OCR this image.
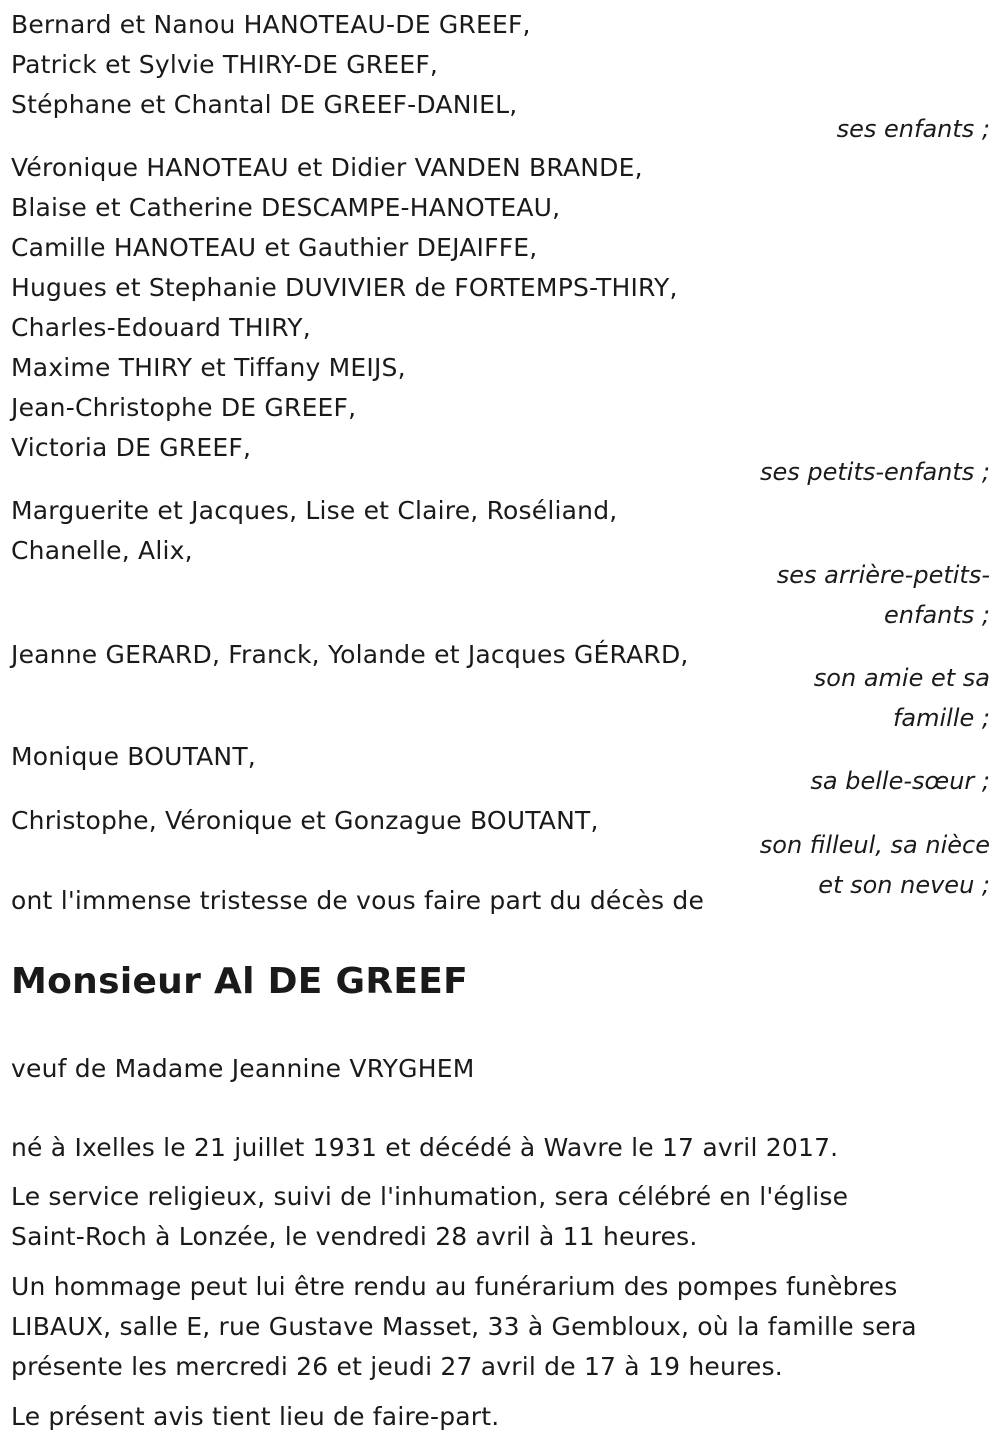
Bernard et Nanou HANOTEAU-DE GREEF,
Patrick et Sylvie THIRY-DE GREEF,
Stéphane et Chantal DE GREEF-DANIEL,
ses enfants ;
Véronique HANOTEAU et Didier VANDEN BRANDE,
Blaise et Catherine DESCAMPE-HANOTEAU,
Camille HANOTEAU et Gauthier DEJAIFFE,
Hugues et Stephanie DUVIVIER de FORTEMPS-THIRY,
Charles-Edouard THIRY,
Maxime THIRY et Tiffany MEIJS,
Jean-Christophe DE GREEF,
Victoria DE GREEF,
ses petits-enfants ;
Marguerite et Jacques, Lise et Claire, Roséliand,
Chanelle, Alix,
ses arrière-petits-
enfants ;
Jeanne GERARD, Franck, Yolande et Jacques GÉRARD,
son amie et sa
famille ;
Monique BOUTANT,
sa belle-sœur ;
Christophe, Véronique et Gonzague BOUTANT,
son filleul, sa nièce
et son neveu ;
ont l'immense tristesse de vous faire part du décès de
Monsieur Al DE GREEF
veuf de Madame Jeannine VRYGHEM
né à Ixelles le 21 juillet 1931 et décédé à Wavre le 17 avril 2017.
Le service religieux, suivi de l'inhumation, sera célébré en l'église
Saint-Roch à Lonzée, le vendredi 28 avril à 11 heures.
Un hommage peut lui être rendu au funérarium des pompes funèbres
LIBAUX, salle E, rue Gustave Masset, 33 à Gembloux, où la famille sera
présente les mercredi 26 et jeudi 27 avril de 17 à 19 heures.
Le présent avis tient lieu de faire-part.
